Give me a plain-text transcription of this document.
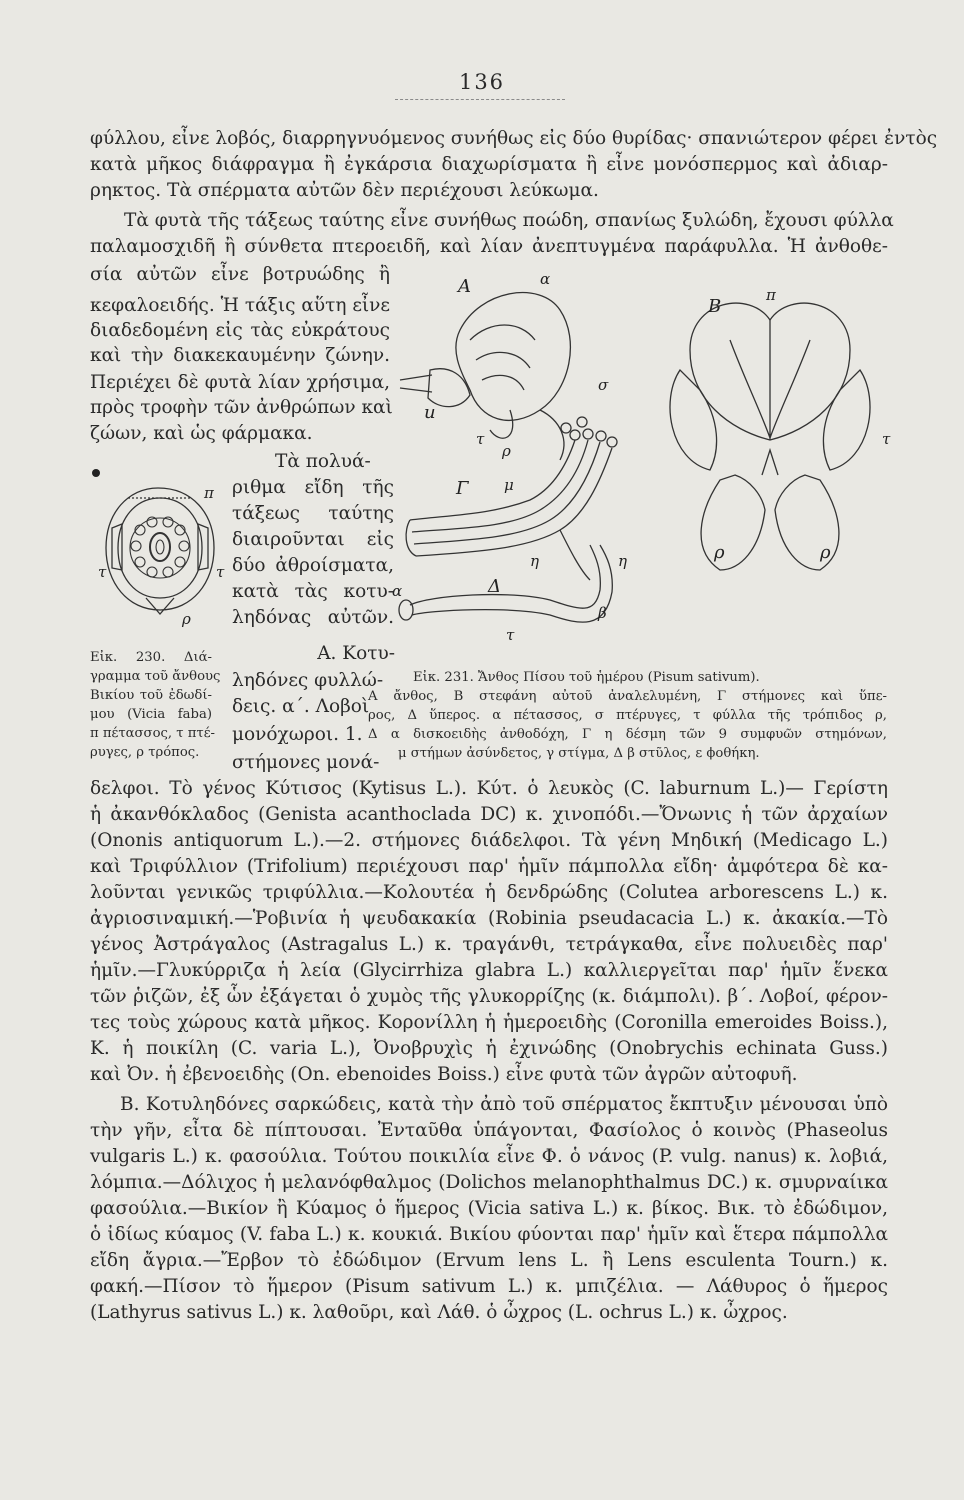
136
φύλλου, εἶνε λοβός, διαρρηγνυόμενος συνήθως εἰς δύο θυρίδας· σπανιώτερον φέρει ἐντὸς
κατὰ μῆκος διάφραγμα ἢ ἐγκάρσια διαχωρίσματα ἢ εἶνε μονόσπερμος καὶ ἀδιαρ-
ρηκτος. Τὰ σπέρματα αὐτῶν δὲν περιέχουσι λεύκωμα.
Τὰ φυτὰ τῆς τάξεως ταύτης εἶνε συνήθως ποώδη, σπανίως ξυλώδη, ἔχουσι φύλλα
παλαμοσχιδῆ ἢ σύνθετα πτεροειδῆ, καὶ λίαν ἀνεπτυγμένα παράφυλλα. Ἡ ἀνθοθε-
σία αὐτῶν εἶνε βοτρυώδης ἢ
κεφαλοειδής. Ἡ τάξις αὕτη εἶνε
διαδεδομένη εἰς τὰς εὐκράτους
καὶ τὴν διακεκαυμένην ζώνην.
Περιέχει δὲ φυτὰ λίαν χρήσιμα,
πρὸς τροφὴν τῶν ἀνθρώπων καὶ
ζώων, καὶ ὡς φάρμακα.
Τὰ πολυά-
ριθμα εἴδη τῆς
τάξεως ταύτης
διαιροῦνται εἰς
δύο ἀθροίσματα,
κατὰ τὰς κοτυ-
ληδόνας αὐτῶν.
Α. Κοτυ-
ληδόνες φυλλώ-
δεις. α΄. Λοβοὶ
μονόχωροι. 1.
στήμονες μονά-
π
τ	τ
ρ
Εἰκ. 230. Διά-
γραμμα τοῦ ἄνθους
Βικίου τοῦ ἐδωδί-
μου (Vicia faba)
π πέτασσος, τ πτέ-
ρυγες, ρ τρόπος.
A	α
u
σ
τ
ρ
B
π
τ
ρ	ρ
Γ μ
η	η
Δ
α
β
τ
Εἰκ. 231. Ἄνθος Πίσου τοῦ ἡμέρου (Pisum sativum).
Α ἄνθος, Β στεφάνη αὐτοῦ ἀναλελυμένη, Γ στήμονες καὶ ὕπε-
ρος, Δ ὕπερος. α πέτασσος, σ πτέρυγες, τ φύλλα τῆς τρόπιδος ρ,
Δ α δισκοειδὴς ἀνθοδόχη, Γ η δέσμη τῶν 9 συμφυῶν στημόνων,
μ στήμων ἀσύνδετος, γ στίγμα, Δ β στῦλος, ε ϕοθήκη.
δελφοι. Τὸ γένος Κύτισος (Kytisus L.). Κύτ. ὁ λευκὸς (C. laburnum L.)— Γερίστη
ἡ ἀκανθόκλαδος (Genista acanthoclada DC) κ. χινοπόδι.—Ὄνωνις ἡ τῶν ἀρχαίων
(Ononis antiquorum L.).—2. στήμονες διάδελφοι. Τὰ γένη Μηδική (Medicago L.)
καὶ Τριφύλλιον (Trifolium) περιέχουσι παρ' ἡμῖν πάμπολλα εἴδη· ἀμφότερα δὲ κα-
λοῦνται γενικῶς τριφύλλια.—Κολουτέα ἡ δενδρώδης (Colutea arborescens L.) κ.
ἀγριοσιναμική.—Ῥοβινία ἡ ψευδακακία (Robinia pseudacacia L.) κ. ἀκακία.—Τὸ
γένος Ἀστράγαλος (Astragalus L.) κ. τραγάνθι, τετράγκαθα, εἶνε πολυειδὲς παρ'
ἡμῖν.—Γλυκύρριζα ἡ λεία (Glycirrhiza glabra L.) καλλιεργεῖται παρ' ἡμῖν ἕνεκα
τῶν ῥιζῶν, ἐξ ὧν ἐξάγεται ὁ χυμὸς τῆς γλυκορρίζης (κ. διάμπολι). β΄. Λοβοί, φέρον-
τες τοὺς χώρους κατὰ μῆκος. Κορονίλλη ἡ ἡμεροειδὴς (Coronilla emeroides Boiss.),
Κ. ἡ ποικίλη (C. varia L.), Ὀνοβρυχὶς ἡ ἐχινώδης (Onobrychis echinata Guss.)
καὶ Ὀν. ἡ ἐβενοειδὴς (On. ebenoides Boiss.) εἶνε φυτὰ τῶν ἀγρῶν αὐτοφυῆ.
Β. Κοτυληδόνες σαρκώδεις, κατὰ τὴν ἀπὸ τοῦ σπέρματος ἔκπτυξιν μένουσαι ὑπὸ
τὴν γῆν, εἶτα δὲ πίπτουσαι. Ἐνταῦθα ὑπάγονται, Φασίολος ὁ κοινὸς (Phaseolus
vulgaris L.) κ. φασούλια. Τούτου ποικιλία εἶνε Φ. ὁ νάνος (P. vulg. nanus) κ. λοβιά,
λόμπια.—Δόλιχος ἡ μελανόφθαλμος (Dolichos melanophthalmus DC.) κ. σμυρναίικα
φασούλια.—Βικίον ἢ Κύαμος ὁ ἥμερος (Vicia sativa L.) κ. βίκος. Βικ. τὸ ἐδώδιμον,
ὁ ἰδίως κύαμος (V. faba L.) κ. κουκιά. Βικίου φύονται παρ' ἡμῖν καὶ ἕτερα πάμπολλα
εἴδη ἄγρια.—Ἔρβον τὸ ἐδώδιμον (Ervum lens L. ἢ Lens esculenta Tourn.) κ.
φακή.—Πίσον τὸ ἥμερον (Pisum sativum L.) κ. μπιζέλια. — Λάθυρος ὁ ἥμερος
(Lathyrus sativus L.) κ. λαθοῦρι, καὶ Λάθ. ὁ ὦχρος (L. ochrus L.) κ. ὦχρος.
